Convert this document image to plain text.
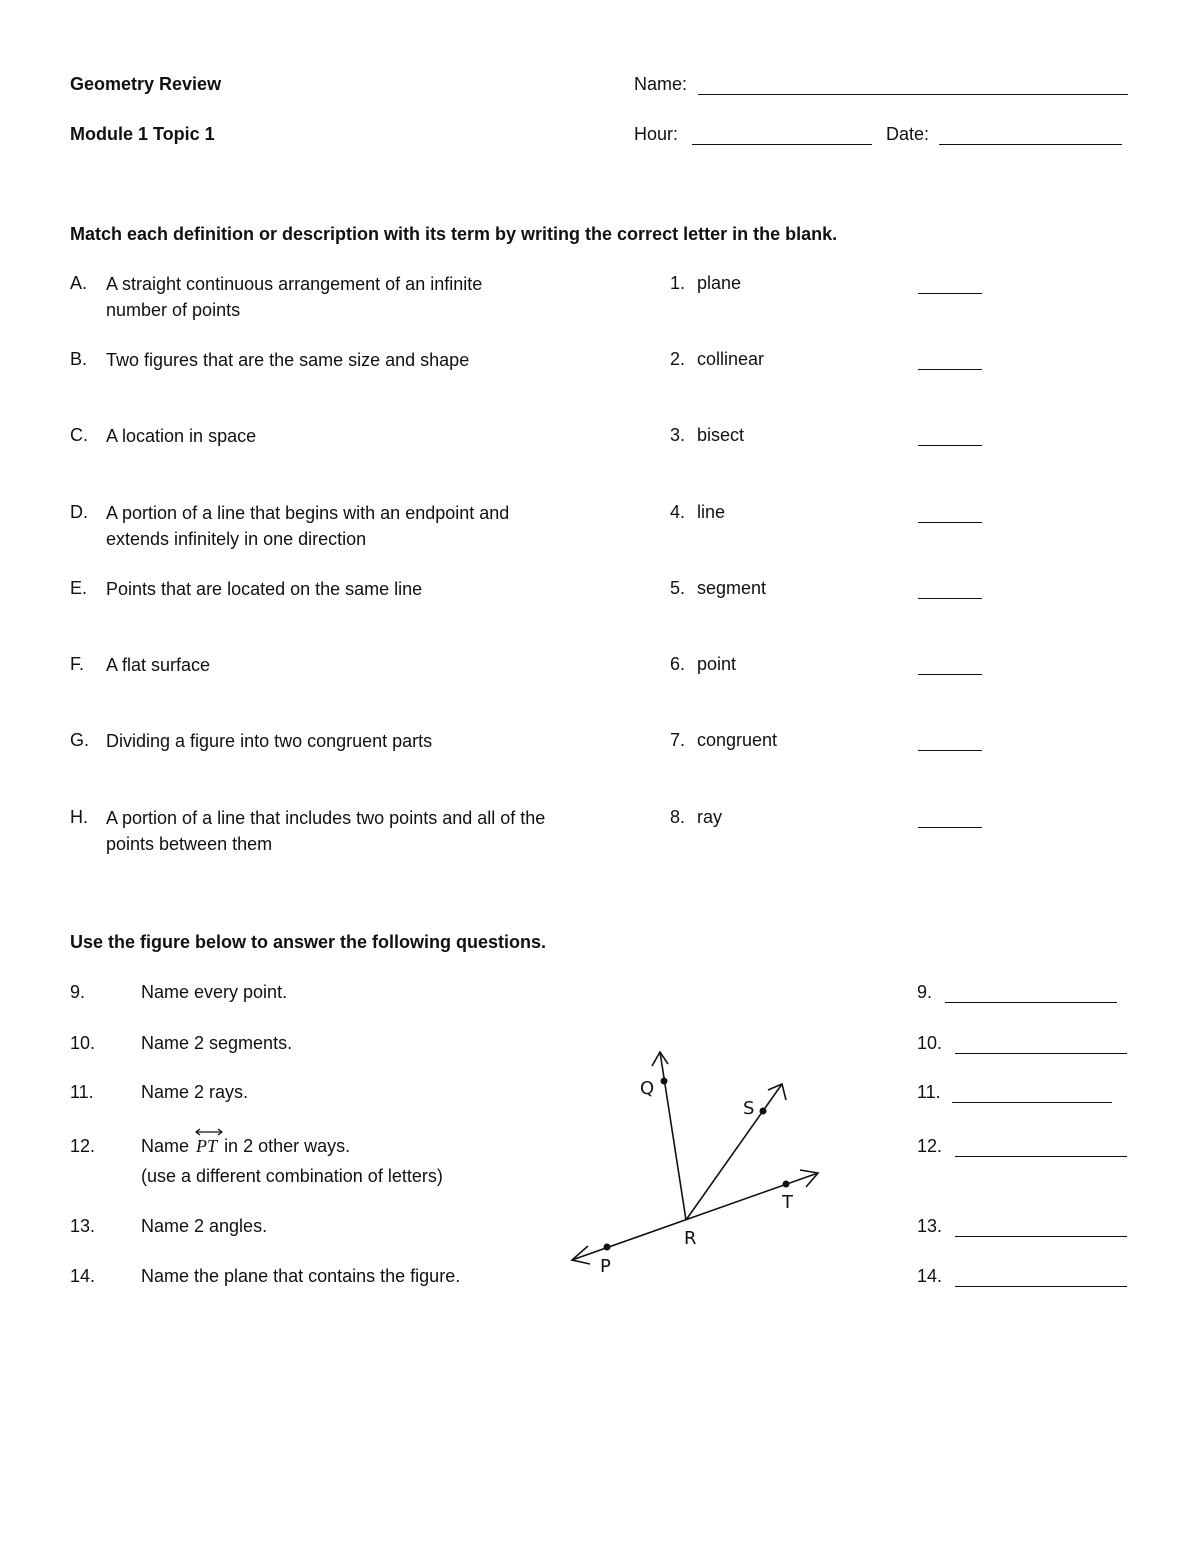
Geometry Review
Module 1 Topic 1
Name:
Hour:	Date:
Match each definition or description with its term by writing the correct letter in the blank.
A.	A straight continuous arrangement of an infinite number of points
B.	Two figures that are the same size and shape
C.	A location in space
D.	A portion of a line that begins with an endpoint and extends infinitely in one direction
E.	Points that are located on the same line
F.	A flat surface
G. Dividing a figure into two congruent parts
H.	A portion of a line that includes two points and all of the points between them
1. plane
2. collinear
3. bisect
4. line
5. segment
6. point
7. congruent
8. ray
Use the figure below to answer the following questions.
9.	Name every point.	9.
10.	Name 2 segments.	10.
11.	Name 2 rays.	11.
12.	Name PT in 2 other ways.
(use a different combination of letters)
12.
13.	Name 2 angles.	13.
14.	Name the plane that contains the figure.	14.
P
Q
S
T
R
